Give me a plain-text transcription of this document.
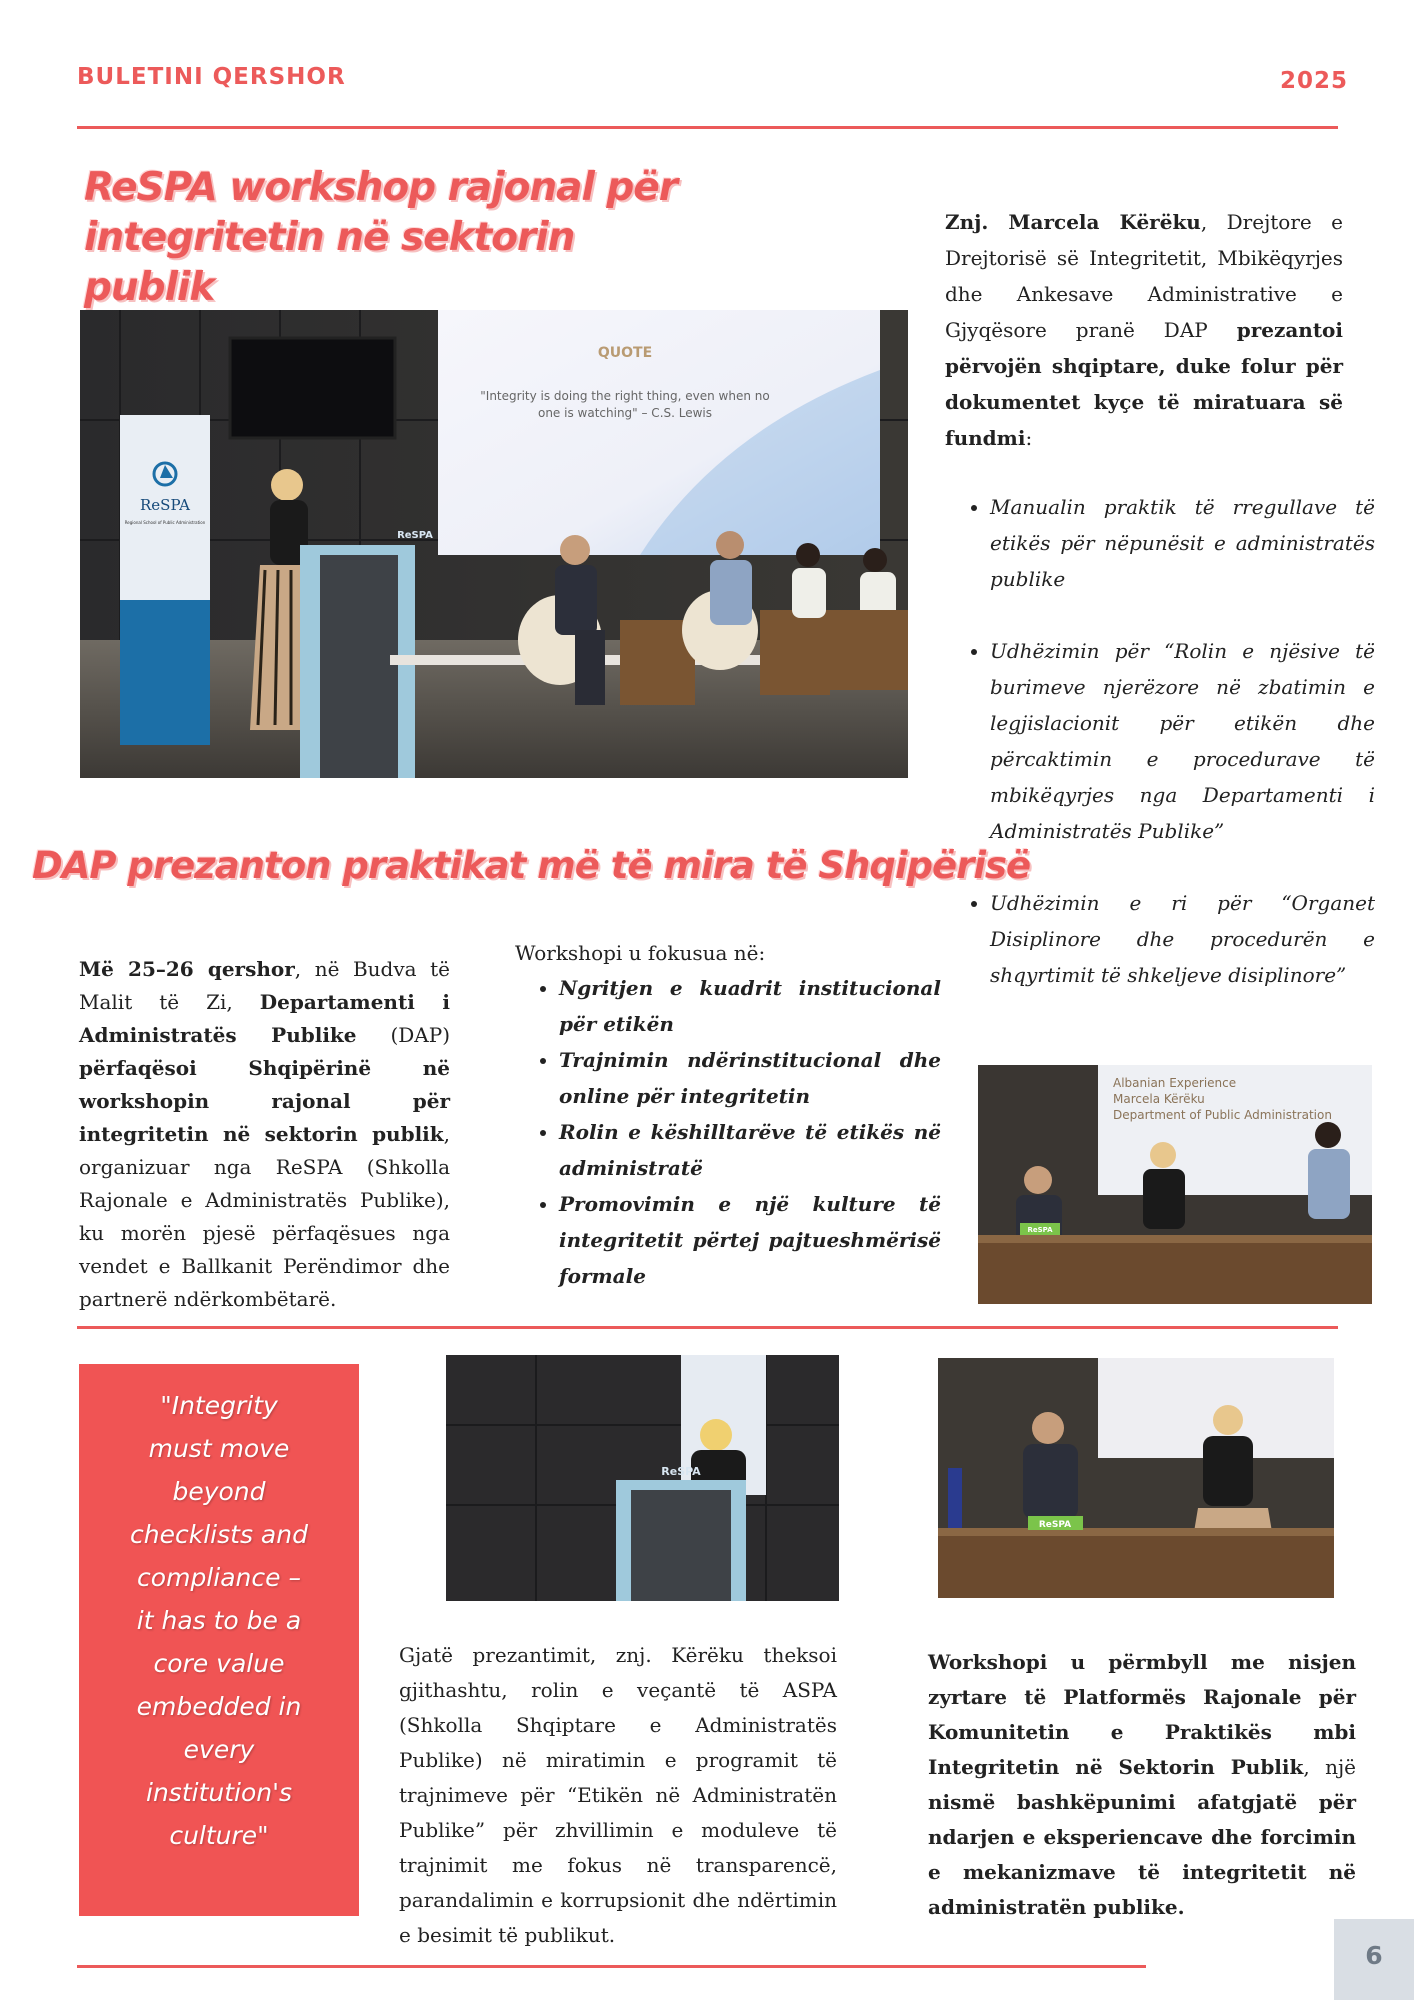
BULETINI QERSHOR	2025
ReSPA workshop rajonal për
integritetin në sektorin publik
QUOTE
"Integrity is doing the right thing, even when no
one is watching" – C.S. Lewis
ReSPA
Regional School of Public Administration
ReSPA
DAP prezanton praktikat më të mira të Shqipërisë
Znj. Marcela Kërëku, Drejtore e Drejtorisë së Integritetit, Mbikëqyrjes dhe Ankesave Administrative e Gjyqësore pranë DAP prezantoi përvojën shqiptare, duke folur për dokumentet kyçe të miratuara së fundmi:
• Manualin praktik të rregullave të etikës për nëpunësit e administratës publike
• Udhëzimin për “Rolin e njësive të burimeve njerëzore në zbatimin e legjislacionit për etikën dhe përcaktimin e procedurave të mbikëqyrjes nga Departamenti i Administratës Publike”
• Udhëzimin e ri për “Organet Disiplinore dhe procedurën e shqyrtimit të shkeljeve disiplinore”
Albanian Experience
Marcela Kërëku
Department of Public Administration
ReSPA
Më 25–26 qershor, në Budva të Malit të Zi, Departamenti i Administratës Publike (DAP) përfaqësoi Shqipërinë në workshopin rajonal për integritetin në sektorin publik, organizuar nga ReSPA (Shkolla Rajonale e Administratës Publike), ku morën pjesë përfaqësues nga vendet e Ballkanit Perëndimor dhe partnerë ndërkombëtarë.
Workshopi u fokusua në:
• Ngritjen e kuadrit institucional për etikën
• Trajnimin ndërinstitucional dhe online për integritetin
• Rolin e këshilltarëve të etikës në administratë
• Promovimin e një kulture të integritetit përtej pajtueshmërisë formale
"Integrity must move beyond checklists and compliance – it has to be a core value embedded in every institution's culture"
ReSPA
ReSPA
Gjatë prezantimit, znj. Kërëku theksoi gjithashtu, rolin e veçantë të ASPA (Shkolla Shqiptare e Administratës Publike) në miratimin e programit të trajnimeve për “Etikën në Administratën Publike” për zhvillimin e moduleve të trajnimit me fokus në transparencë, parandalimin e korrupsionit dhe ndërtimin e besimit të publikut.
Workshopi u përmbyll me nisjen zyrtare të Platformës Rajonale për Komunitetin e Praktikës mbi Integritetin në Sektorin Publik, një nismë bashkëpunimi afatgjatë për ndarjen e eksperiencave dhe forcimin e mekanizmave të integritetit në administratën publike.
6
